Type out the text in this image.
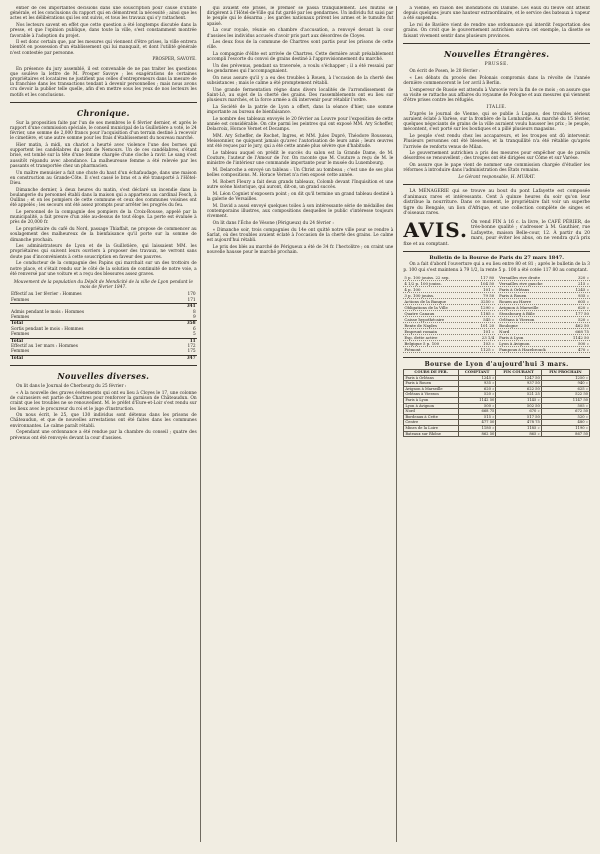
entier de ces importantes décisions dans une souscription pour cause d'utilité générale, et les conclusions du rapport qui en démontrent la nécessité ; ainsi que les actes et les délibérations qui les ont suivis, et tous les travaux qui s'y rattachent.

Nos lecteurs savent en effet que cette question a été longtemps discutée dans la presse, et que l'opinion publique, dans toute la ville, s'est constamment montrée favorable à l'adoption du projet.

Il est donc certain que, par les mesures qui viennent d'être prises, la ville entrera bientôt en possession d'un établissement qui lui manquait, et dont l'utilité générale n'est contestée par personne.

PROSPER, SAVOYE.

En présence du jury assemblé, il est convenable de ne pas traiter les questions que soulève la lettre de M. Prosper Savoye ; les exagérations de certaines propriétaires et locataires ne justifient pas celles d'entrepreneurs dans la mesure de la franchise dans les transactions tendant à devenir personnelles ; mais nous avons cru devoir la publier telle quelle, afin d'en mettre sous les yeux de nos lecteurs les motifs et les conclusions.

Chronique.

Sur la proposition faite par l'un de ses membres le 6 février dernier, et après le rapport d'une commission spéciale, le conseil municipal de la Guillotière a voté, le 24 février, une somme de 2,000 francs pour l'acquisition d'un terrain destiné à recevoir le cimetière, et une autre somme pour les frais d'établissement du nouveau marché.

Hier matin, à midi, un chariot a heurté avec violence l'une des bornes qui supportent les candélabres du pont de Nemours. Un de ces candélabres, s'étant brisé, est tombé sur la tête d'une femme chargée d'une cloche à ravir. Le sang s'est aussitôt répandu avec abondance. La malheureuse femme a été relevée par les passants et transportée chez un pharmacien.

Un maître menuisier a fait une chute du haut d'un échafaudage, dans une maison en construction au Grande-Côte. Il s'est cassé le bras et a été transporté à l'Hôtel-Dieu.

Dimanche dernier, à deux heures du matin, s'est déclaré un incendie dans la boulangerie du personnel établi dans la maison qui a appartenu au cardinal Fesch, à Oullins ; et on les pompiers de cette commune et ceux des communes voisines ont été appelés ; les secours ont été assez prompts pour arrêter les progrès du feu.

Le personnel de la compagnie des pompiers de la Croix-Rousse, appelé par la municipalité, a fait preuve d'un zèle au-dessus de tout éloge. La perte est évaluée à près de 20,000 fr.

Le propriétaire du café du Nord, passage Thiaffait, ne propose de commencer au soulagement des malheureux de la bienfaisance qu'il porte sur la somme de dimanche prochain.

Les administrateurs de Lyon et de la Guillotière, qui laissaient MM. les propriétaires qui suivent leurs ouvriers à proposer des travaux, ne verront sans doute pas d'inconvénients à cette souscription en faveur des pauvres.

Le conducteur de la compagnie des Papins qui marchait sur un des trottoirs de notre place, et s'était rendu sur le côté de la solution de continuité de notre voie, a été renversé par une voiture et a reçu des blessures assez graves.

Mouvement de la population du Dépôt de Mendicité de la ville de Lyon pendant le mois de février 1847.
Effectif au 1er février : Hommes	170
Femmes	171
	341
Admis pendant le mois : Hommes	8
Femmes	9
Total	358
Sortis pendant le mois : Hommes	6
Femmes	5
Total	11
Effectif au 1er mars : Hommes	172
Femmes	175
Total	347
Nouvelles diverses.

On lit dans le Journal de Cherbourg du 25 février :

« A la nouvelle des graves événements qui ont eu lieu à Cloyes le 17, une colonne de cuirassiers est partie de Chartres pour renforcer la garnison de Châteaudun. On craint que les troubles ne se renouvellent. M. le préfet d'Eure-et-Loir s'est rendu sur les lieux avec le procureur du roi et le juge d'instruction.

On nous écrit, le 25, que 130 individus sont détenus dans les prisons de Châteaudun, et que de nouvelles arrestations ont été faites dans les communes environnantes. Le calme paraît rétabli.

Cependant une ordonnance a été rendue par la chambre du conseil ; quatre des prévenus ont été renvoyés devant la cour d'assises.

qui avaient été prises, le premier se passa tranquillement. Les mutins se dirigèrent à l'Hôtel-de-Ville qui fut gardé par les gendarmes. Un individu fut saisi par le peuple qui le désarma ; les gardes nationaux prirent les armes et le tumulte fut apaisé.

La cour royale, réunie en chambre d'accusation, a renvoyé devant la cour d'assises les individus accusés d'avoir pris part aux désordres de Cloyes.

Les deux fous de la commune de Chartres sont partis pour les prisons de cette ville.

La compagnie d'élite est arrivée de Chartres. Cette dernière avait préalablement accompli l'escorte du convoi de grains destiné à l'approvisionnement du marché.

Un des prévenus, pendant sa traversée, a voulu s'échapper ; il a été ressaisi par les gendarmes qui l'accompagnaient.

On nous assure qu'il y a eu des troubles à Rouen, à l'occasion de la cherté des subsistances ; mais le calme a été promptement rétabli.

Une grande fermentation règne dans divers localités de l'arrondissement de Saint-Lô, au sujet de la cherté des grains. Des rassemblements ont eu lieu sur plusieurs marchés, et la force armée a dû intervenir pour rétablir l'ordre.

La Société de la patrie de Lyon a offert, dans la séance d'hier, une somme importante au bureau de bienfaisance.

Le nombre des tableaux envoyés le 20 février au Louvre pour l'exposition de cette année est considérable. On cite parmi les peintres qui ont exposé MM. Ary Scheffer, Delacroix, Horace Vernet et Decamps.

MM. Ary Scheffer, de Rochet, Ingres, et MM. Jules Dupré, Théodore Rousseau, Meissonnier, ne quiquent jamais qu'avec l'autorisation de leurs amis ; leurs œuvres ont été reçues par le jury, qui a été cette année plus sévère que d'habitude.

Le tableau auquel on prédit le succès du salon est la Grande Dame, de M. Couture, l'auteur de l'Amour de l'or. On raconte que M. Couture a reçu de M. le ministre de l'intérieur une commande importante pour le musée du Luxembourg.

M. Delaroche a envoyé un tableau : Un Christ au tombeau ; c'est une de ses plus belles compositions. M. Horace Vernet n'a rien exposé cette année.

M. Robert Fleury a fait deux grands tableaux, Colomb devant l'Inquisition et une autre scène historique, qui auront, dit-on, un grand succès.

M. Léon Cogniet n'exposera point ; on dit qu'il termine un grand tableau destiné à la galerie de Versailles.

M. David a aussi envoyé quelques toiles à son intéressante série de médailles des contemporains illustres, aux compositions desquelles le public s'intéresse toujours vivement.

On lit dans l'Écho de Vésone (Périgueux) du 24 février :

« Dimanche soir, trois compagnies du 14e ont quitté notre ville pour se rendre à Sarlat, où des troubles avaient éclaté à l'occasion de la cherté des grains. Le calme est aujourd'hui rétabli.

Le prix des blés au marché de Périgueux a été de 34 fr. l'hectolitre ; on craint une nouvelle hausse pour le marché prochain.

à Vienne, en raison des inondations du Danube. Les eaux du fleuve ont atteint depuis quelques jours une hauteur extraordinaire, et le service des bateaux à vapeur a été suspendu.

Le roi de Bavière vient de rendre une ordonnance qui interdit l'exportation des grains. On croit que le gouvernement autrichien suivra cet exemple, la disette se faisant vivement sentir dans plusieurs provinces.

Nouvelles Étrangères.
PRUSSE.

On écrit de Posen, le 20 février :

« Les débats du procès des Polonais compromis dans la révolte de l'année dernière commenceront le 1er avril à Berlin.

L'empereur de Russie est attendu à Varsovie vers la fin de ce mois ; on assure que sa visite se rattache aux affaires du royaume de Pologne et aux mesures qui viennent d'être prises contre les réfugiés.

ITALIE.

D'après le journal de Vienne, qui se publie à Lugano, des troubles sérieux auraient éclaté à Varèse, sur la frontière de la Lombardie. Au marché du 15 février, quelques négociants de grains de la ville auraient voulu hausser les prix ; le peuple, mécontent, s'est porté sur les boutiques et a pillé plusieurs magasins.

Le peuple s'est rendu chez les accapareurs, et les troupes ont dû intervenir. Plusieurs personnes ont été blessées, et la tranquillité n'a été rétablie qu'après l'arrivée de renforts venus de Milan.

Le gouvernement autrichien a pris des mesures pour empêcher que de pareils désordres se renouvellent ; des troupes ont été dirigées sur Côme et sur Varèse.

On assure que le pape vient de nommer une commission chargée d'étudier les réformes à introduire dans l'administration des États romains.

Le Gérant responsable, H. MURAT.

LA MÉNAGERIE qui se trouve au bout du pont Lafayette est composée d'animaux rares et intéressants. Cent à quinze heures du soir qu'on leur distribue la nourriture. Dans ce moment, le propriétaire fait voir un superbe tigre du Bengale, un lion d'Afrique, et une collection complète de singes et d'oiseaux rares.

AVIS. On vend FIN à 16 c. la livre, le CAFÉ PÉRIER, de très-bonne qualité ; s'adresser à M. Gauthier, rue Lafayette, maison Belle-cour, 12. À partir du 20 mars, pour éviter les abus, on ne vendra qu'à prix fixe et au comptant.
Bulletin de la Bourse de Paris du 27 mars 1847.

On a fait d'abord l'ouverture qui a eu lieu entre 80 et 81 ; après le bulletin de la 3 p. 100 qui s'est maintenu à 79 1/2, la rente 5 p. 100 a été cotée 117 80 au comptant.

5 p. 100 jouiss. 22 sep.	117 80
4 1/2 p. 100 jouiss.	104 50
4 p. 100	101 »
3 p. 100 jouiss.	79 50
Actions de la Banque	3250 »
Obligations de la Ville	1290 »
Quatre Canaux	1185 »
Caisse hypothécaire	545 »
Rente de Naples	101 20
Emprunt romain	101 »
Esp. dette active	23 1/4
Belgique 5 p. 100	103 »
Piémont	1125 »
Versailles rive droite	320 »
Versailles rive gauche	215 »
Paris à Orléans	1245 »
Paris à Rouen	935 »
Rouen au Havre	605 »
Avignon à Marseille	620 »
Strasbourg à Bâle	177 50
Orléans à Vierzon	520 »
Boulogne	462 50
Nord	668 75
Paris à Lyon	1142 50
Lyon à Avignon	500 »
Fampoux à Hazebrouck	470 »
Bourse de Lyon d'aujourd'hui 3 mars.
COURS DE FER.	COMPTANT	FIN COURANT	FIN PROCHAIN
Paris à Orléans	1245 »	1247 50	1250 »
Paris à Rouen	935 »	937 50	940 »
Avignon à Marseille	620 »	622 50	625 »
Orléans à Vierzon	520 »	521 25	522 50
Paris à Lyon	1142 50	1145 »	1147 50
Lyon à Avignon	500 »	502 50	505 »
Nord	668 75	670 »	672 50
Bordeaux à Cette	515 »	517 50	520 »
Centre	477 50	478 75	480 »
Mines de la Loire	1180 »	1185 »	1190 »
Bateaux sur Rhône	862 50	865 »	867 50
